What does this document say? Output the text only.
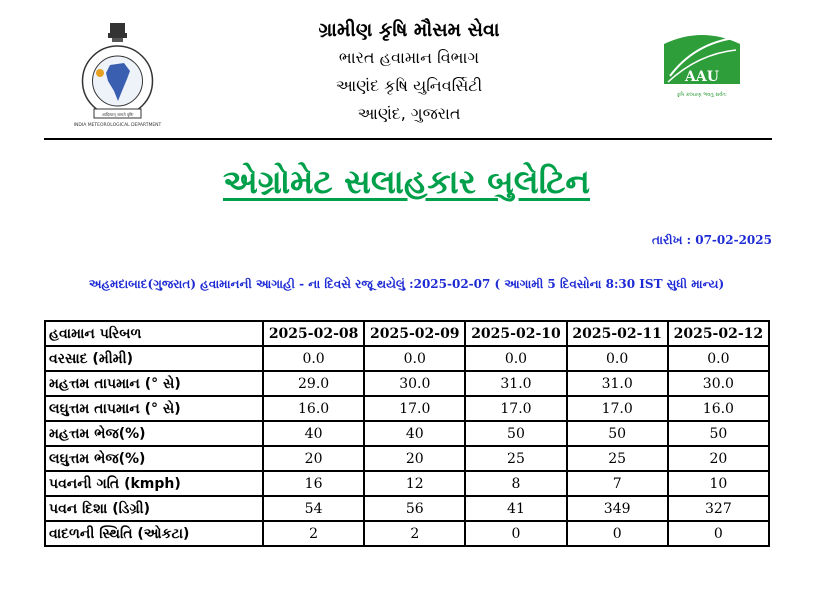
INDIA METEOROLOGICAL DEPARTMENT
आदित्यात् जायते वृष्टिः
ગ્રામીણ કૃષિ મૌસમ સેવા
ભારત હવામાન વિભાગ
આણંદ કૃષિ યુનિવર્સિટી
આણંદ, ગુજરાત
AAU
કૃષિ કલ્યાણ ભવતુ સર્વતઃ
એગ્રોમેટ સલાહકાર બુલેટિન
તારીખ : 07-02-2025
અહમદાબાદ(ગુજરાત) હવામાનની આગાહી - ના દિવસે રજૂ થયેલું :2025-02-07 ( આગામી 5 દિવસોના 8:30 IST સુધી માન્ય)
હવામાન પરિબળ	2025-02-08	2025-02-09	2025-02-10	2025-02-11	2025-02-12
વરસાદ (મીમી)	0.0	0.0	0.0	0.0	0.0
મહત્તમ તાપમાન (° સે)	29.0	30.0	31.0	31.0	30.0
લઘુત્તમ તાપમાન (° સે)	16.0	17.0	17.0	17.0	16.0
મહત્તમ ભેજ(%)	40	40	50	50	50
લઘુત્તમ ભેજ(%)	20	20	25	25	20
પવનની ગતિ (kmph)	16	12	8	7	10
પવન દિશા (ડિગ્રી)	54	56	41	349	327
વાદળની સ્થિતિ (ઓકટા)	2	2	0	0	0
